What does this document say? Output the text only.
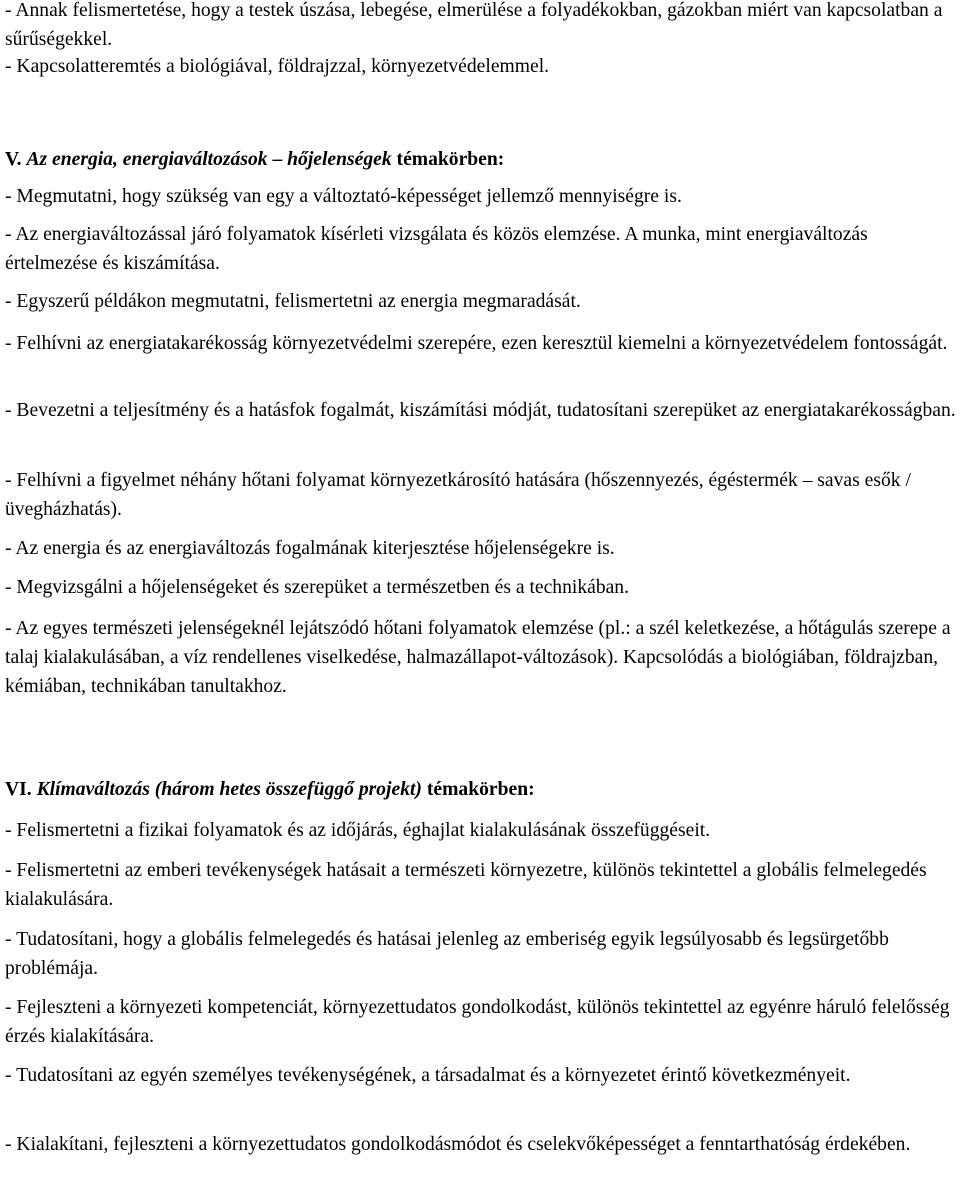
- Annak felismertetése, hogy a testek úszása, lebegése, elmerülése a folyadékokban, gázokban miért van kapcsolatban a sűrűségekkel.

- Kapcsolatteremtés a biológiával, földrajzzal, környezetvédelemmel.

V. Az energia, energiaváltozások – hőjelenségek témakörben:

- Megmutatni, hogy szükség van egy a változtató-képességet jellemző mennyiségre is.

- Az energiaváltozással járó folyamatok kísérleti vizsgálata és közös elemzése. A munka, mint energiaváltozás értelmezése és kiszámítása.

- Egyszerű példákon megmutatni, felismertetni az energia megmaradását.

- Felhívni az energiatakarékosság környezetvédelmi szerepére, ezen keresztül kiemelni a környezetvédelem fontosságát.

- Bevezetni a teljesítmény és a hatásfok fogalmát, kiszámítási módját, tudatosítani szerepüket az energiatakarékosságban.

- Felhívni a figyelmet néhány hőtani folyamat környezetkárosító hatására (hőszennyezés, égéstermék – savas esők / üvegházhatás).

- Az energia és az energiaváltozás fogalmának kiterjesztése hőjelenségekre is.

- Megvizsgálni a hőjelenségeket és szerepüket a természetben és a technikában.

- Az egyes természeti jelenségeknél lejátszódó hőtani folyamatok elemzése (pl.: a szél keletkezése, a hőtágulás szerepe a talaj kialakulásában, a víz rendellenes viselkedése, halmazállapot-változások). Kapcsolódás a biológiában, földrajzban, kémiában, technikában tanultakhoz.

VI. Klímaváltozás (három hetes összefüggő projekt) témakörben:

- Felismertetni a fizikai folyamatok és az időjárás, éghajlat kialakulásának összefüggéseit.

- Felismertetni az emberi tevékenységek hatásait a természeti környezetre, különös tekintettel a globális felmelegedés kialakulására.

- Tudatosítani, hogy a globális felmelegedés és hatásai jelenleg az emberiség egyik legsúlyosabb és legsürgetőbb problémája.

- Fejleszteni a környezeti kompetenciát, környezettudatos gondolkodást, különös tekintettel az egyénre háruló felelősség érzés kialakítására.

- Tudatosítani az egyén személyes tevékenységének, a társadalmat és a környezetet érintő következményeit.

- Kialakítani, fejleszteni a környezettudatos gondolkodásmódot és cselekvőképességet a fenntarthatóság érdekében.
